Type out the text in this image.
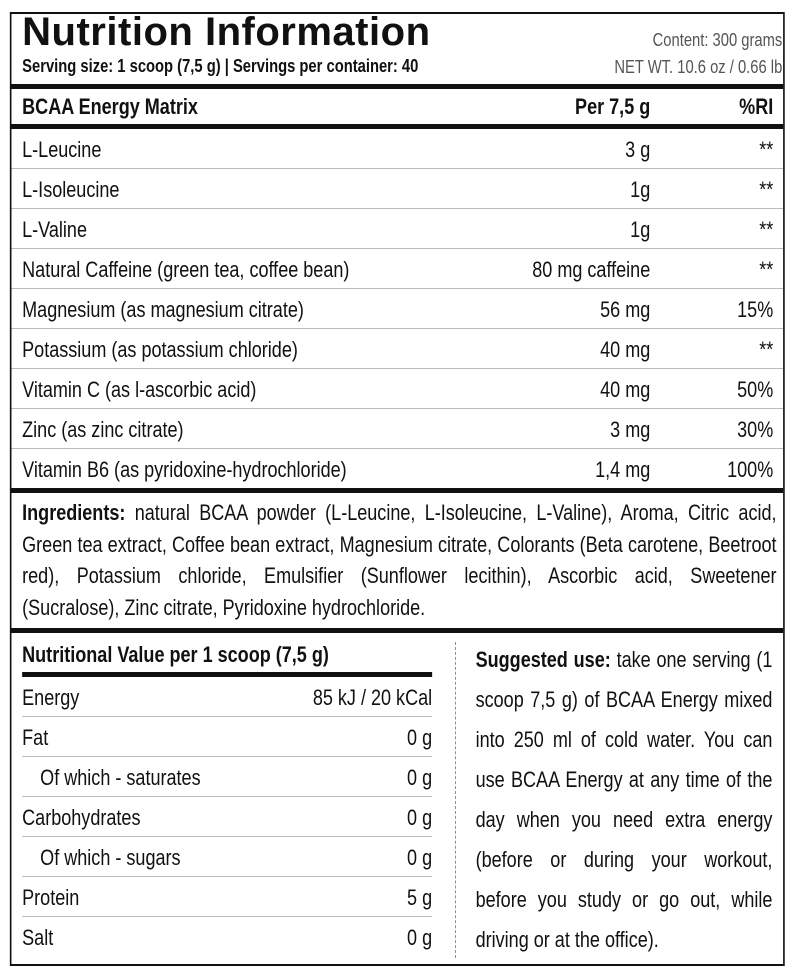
Nutrition Information
Serving size: 1 scoop (7,5 g) | Servings per container: 40
Content: 300 grams
NET WT. 10.6 oz / 0.66 lb
BCAA Energy Matrix	Per 7,5 g	%RI
L-Leucine	3 g	**
L-Isoleucine	1g	**
L-Valine	1g	**
Natural Caffeine (green tea, coffee bean)	80 mg caffeine	**
Magnesium (as magnesium citrate)	56 mg	15%
Potassium (as potassium chloride)	40 mg	**
Vitamin C (as l-ascorbic acid)	40 mg	50%
Zinc (as zinc citrate)	3 mg	30%
Vitamin B6 (as pyridoxine-hydrochloride)	1,4 mg	100%
Ingredients: natural BCAA powder (L-Leucine, L-Isoleucine, L-Valine), Aroma, Citric acid, Green tea extract, Coffee bean extract, Magnesium citrate, Colorants (Beta carotene, Beetroot red), Potassium chloride, Emulsifier (Sunflower lecithin), Ascorbic acid, Sweetener (Sucralose), Zinc citrate, Pyridoxine hydrochloride.
Nutritional Value per 1 scoop (7,5 g)
Energy	85 kJ / 20 kCal
Fat	0 g
Of which - saturates	0 g
Carbohydrates	0 g
Of which - sugars	0 g
Protein	5 g
Salt	0 g
Suggested use: take one serving (1 scoop 7,5 g) of BCAA Energy mixed into 250 ml of cold water. You can use BCAA Energy at any time of the day when you need extra energy (before or during your workout, before you study or go out, while driving or at the office).
